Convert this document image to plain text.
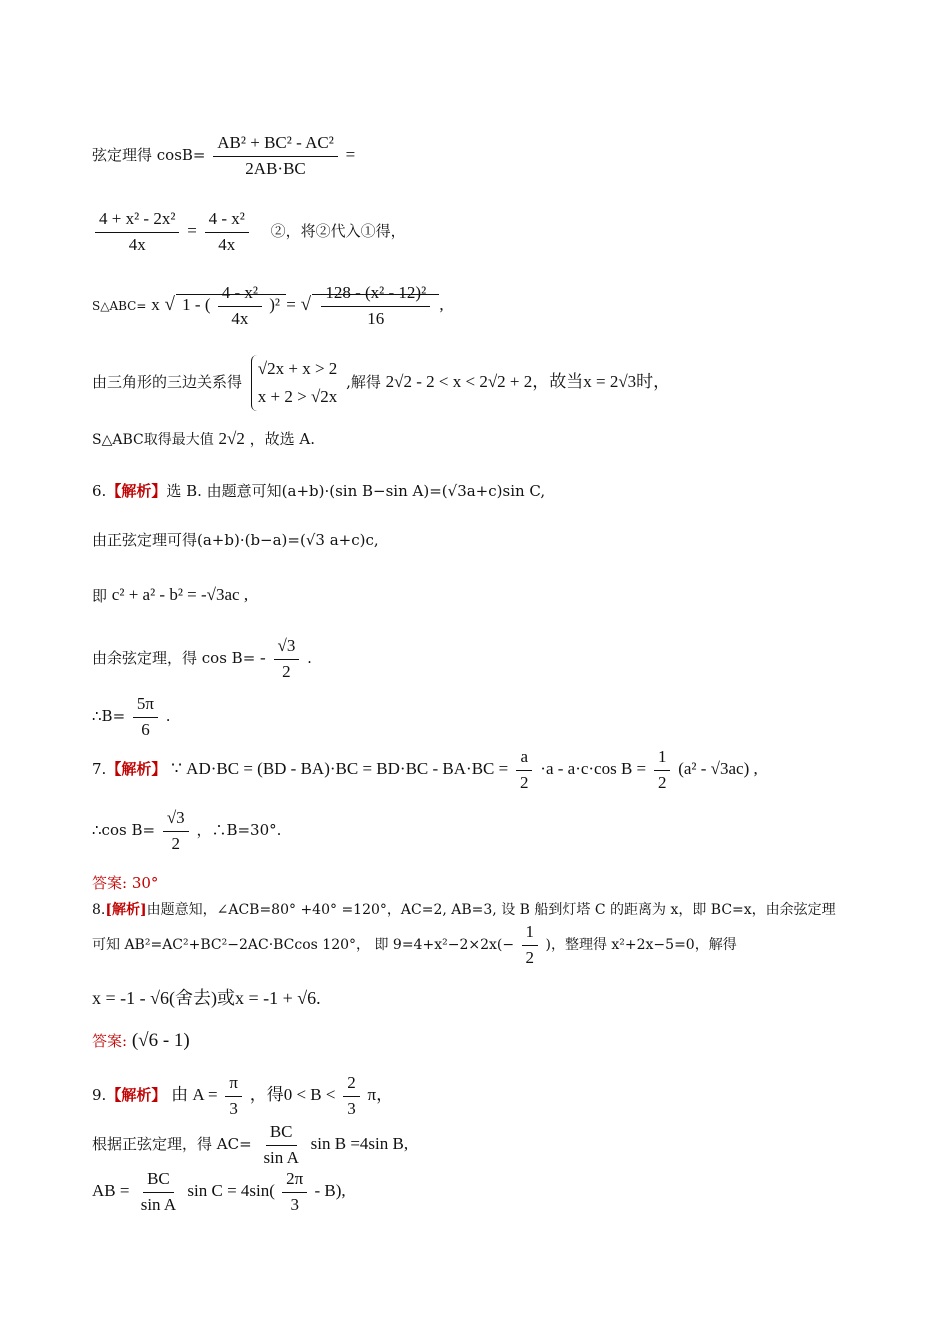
弦定理得 $\cos B= \frac{\text{AB² + BC² - AC²}}{2AB\cdot BC}$ =
$\frac{\text{4 + x² - 2x²}}{4x} = \frac{\text{4 - x²}}{4x}$ ②，将②代入①得，
S△ABC= x √ 1 - ( $\frac{\text{4 - x²}}{4x} )^2$ = √ $\frac{\text{128 - (x² - 12)²}}{16}$ ,
由三角形的三边关系得
√2x + x > 2
x + 2 > √2x
,解得 2√2 - 2 < x < 2√2 + 2，故当x = 2√3时，
S△ABC取得最大值 2√2 ，故选 A.
6.【解析】选 B. 由题意可知(a+b)·(sin B−sin A)=(√3a+c)sin C,
由正弦定理可得(a+b)·(b−a)=(√3 a+c)c,
即 c² + a² - b² = -√3ac ,
由余弦定理，得 $\cos B= - \frac{√3}{2}$ .
∴B= $\frac{5\pi}{6}$ .
7.【解析】 ∵ $AD\cdot BC = (BD - BA)\cdot BC = BD\cdot BC - BA\cdot BC = \frac{a}{2} \cdot a - a\cdot c\cdot\cos$ $B = \frac{1}{2} (a^2 - √3ac)$ ,
∴cos $B= \frac{√3}{2}$ ，∴B=30°.
答案: 30°
8.[解析]由题意知，∠ACB=80° +40° =120°，AC=2, AB=3, 设 B 船到灯塔 C 的距离为 x，即 BC=x，由余弦定理
可知 AB²=AC²+BC²−2AC·BCcos 120°， 即 $9=4+x^2-2\times 2x(- \frac{1}{2}$ )，整理得 x²+2x−5=0，解得
x = -1 - √6(舍去)或x = -1 + √6.
答案: (√6 - 1)
9.【解析】 由 $A = \frac{\pi}{3}$ ，得$0 < B < \frac{2}{3}$ π，
根据正弦定理，得 $AC= \frac{BC}{\text{sin A}}$ sin B =4sin B,
AB = $\frac{BC}{\text{sin A}}$ $\sin C = 4\sin( \frac{2\pi}{3} - B)$,
